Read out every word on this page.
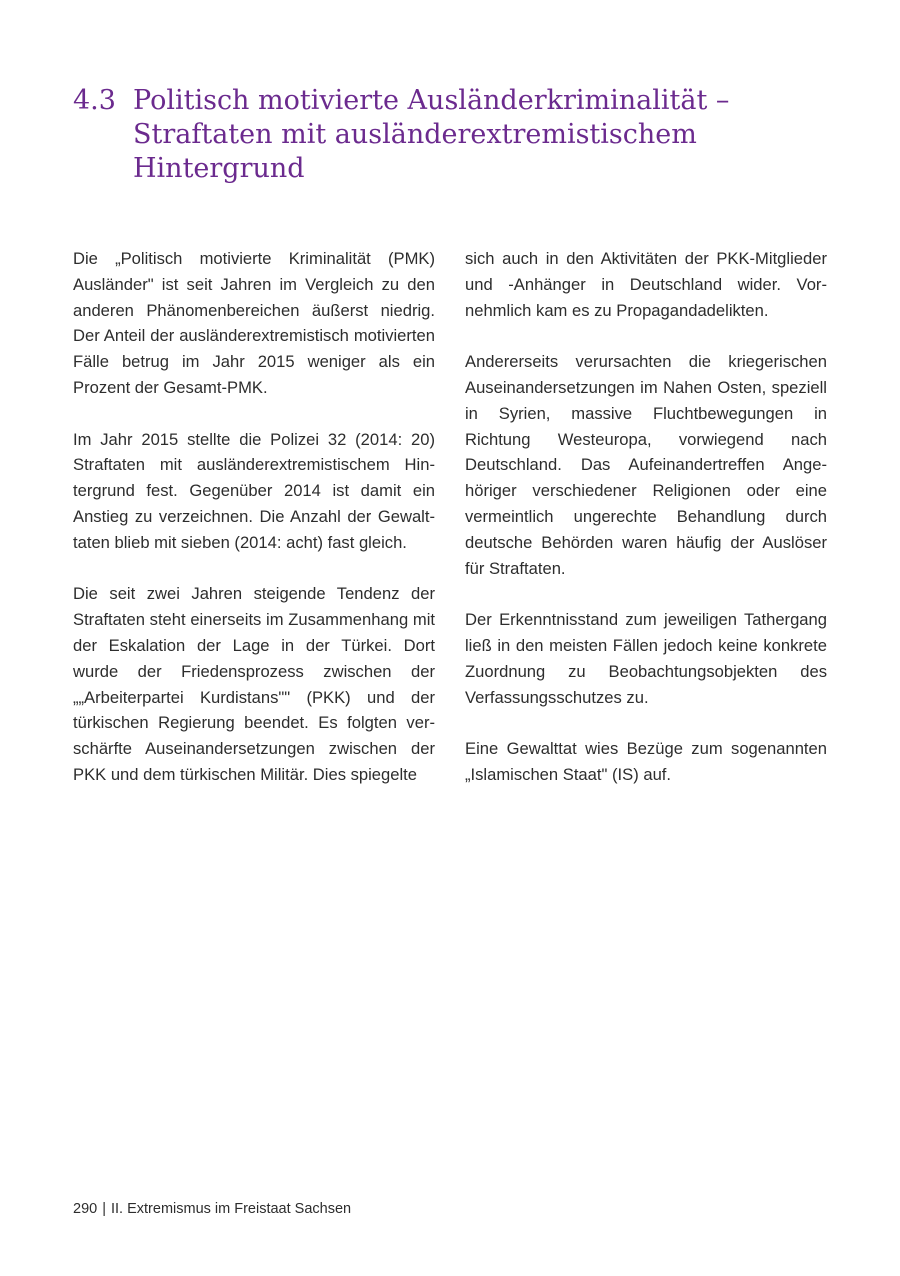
4.3 Politisch motivierte Ausländerkriminalität – Straftaten mit ausländerextremistischem Hintergrund

Die „Politisch motivierte Kriminalität (PMK) Ausländer" ist seit Jahren im Vergleich zu den anderen Phänomenbereichen äußerst niedrig. Der Anteil der ausländerextremistisch motivierten Fälle betrug im Jahr 2015 weniger als ein Prozent der Gesamt-PMK.

Im Jahr 2015 stellte die Polizei 32 (2014: 20) Straftaten mit ausländerextremistischem Hintergrund fest. Gegenüber 2014 ist damit ein Anstieg zu verzeichnen. Die Anzahl der Gewalttaten blieb mit sieben (2014: acht) fast gleich.

Die seit zwei Jahren steigende Tendenz der Straftaten steht einerseits im Zusammenhang mit der Eskalation der Lage in der Türkei. Dort wurde der Friedensprozess zwischen der „„Arbeiterpartei Kurdistans"" (PKK) und der türkischen Regierung beendet. Es folgten verschärfte Auseinandersetzungen zwischen der PKK und dem türkischen Militär. Dies spiegelte

sich auch in den Aktivitäten der PKK-Mitglieder und -Anhänger in Deutschland wider. Vornehmlich kam es zu Propagandadelikten.

Andererseits verursachten die kriegerischen Auseinandersetzungen im Nahen Osten, speziell in Syrien, massive Fluchtbewegungen in Richtung Westeuropa, vorwiegend nach Deutschland. Das Aufeinandertreffen Angehöriger verschiedener Religionen oder eine vermeintlich ungerechte Behandlung durch deutsche Behörden waren häufig der Auslöser für Straftaten.

Der Erkenntnisstand zum jeweiligen Tathergang ließ in den meisten Fällen jedoch keine konkrete Zuordnung zu Beobachtungsobjekten des Verfassungsschutzes zu.

Eine Gewalttat wies Bezüge zum sogenannten „Islamischen Staat" (IS) auf.

290 | II. Extremismus im Freistaat Sachsen
